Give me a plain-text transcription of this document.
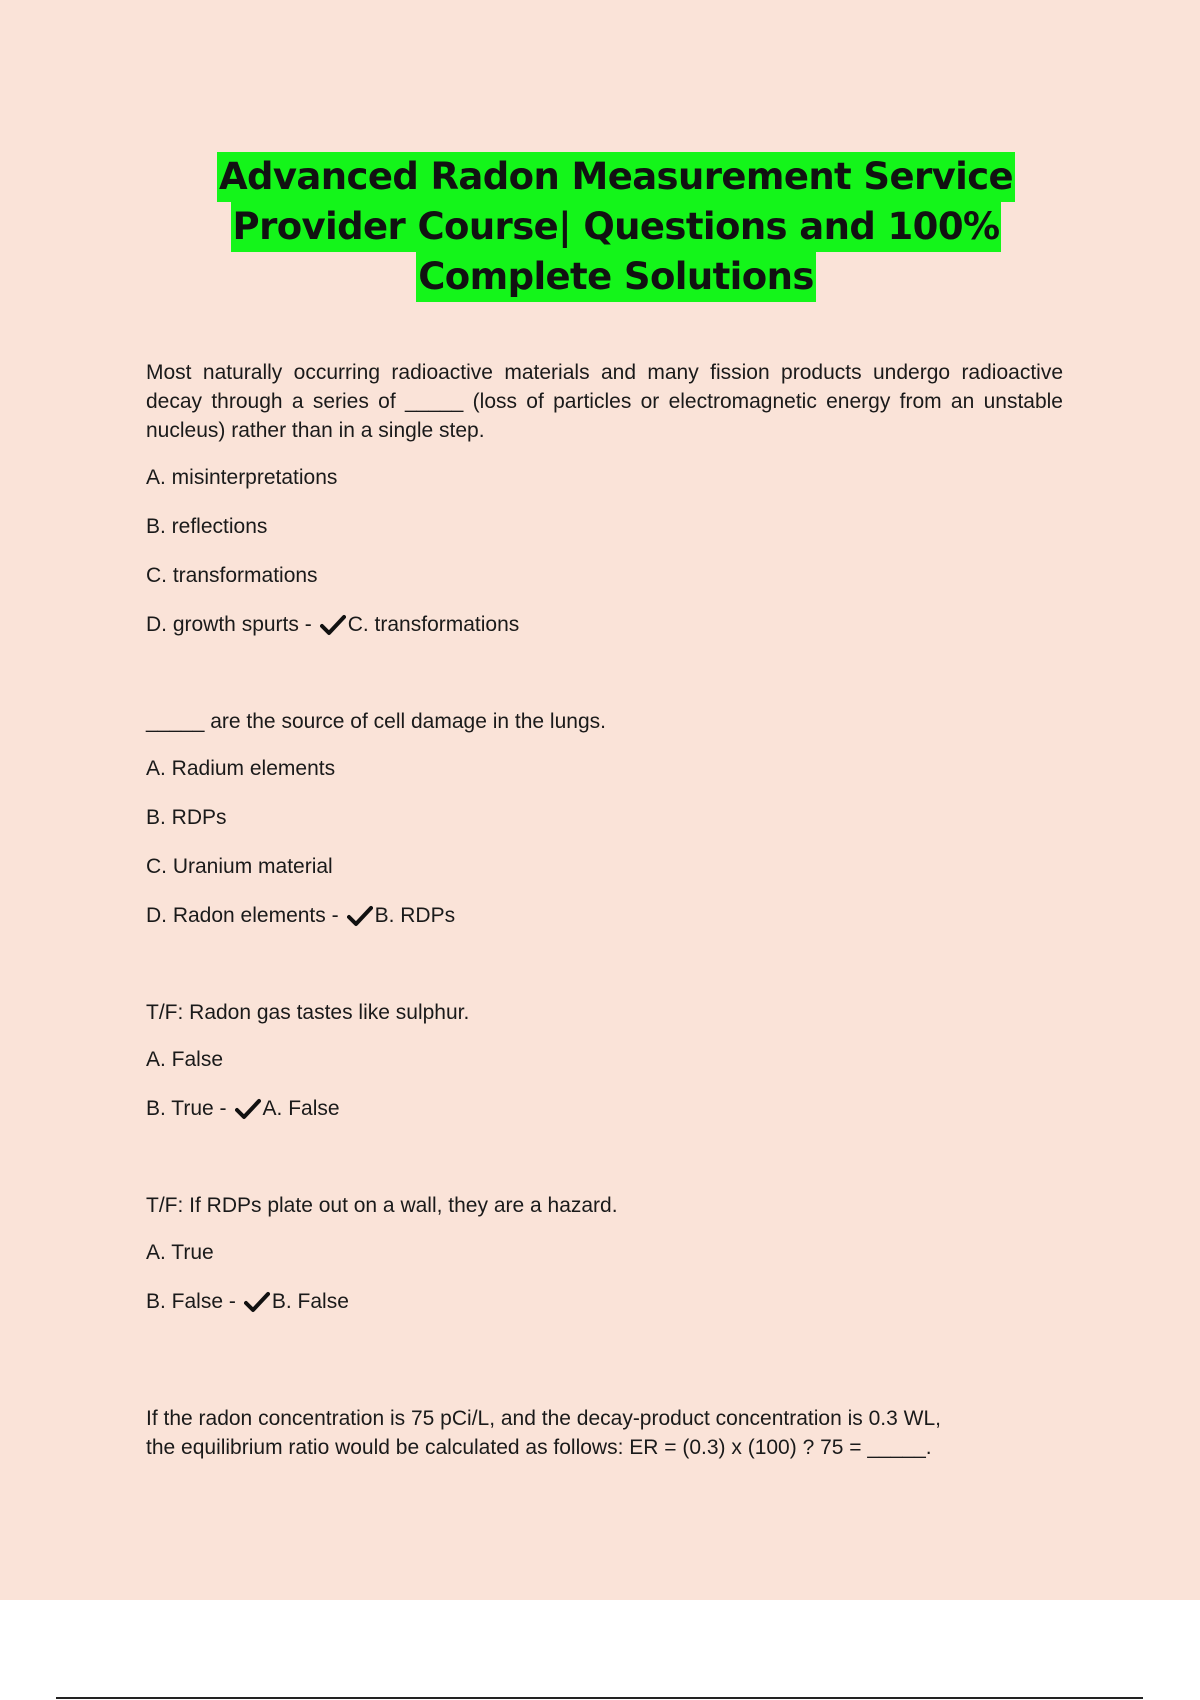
Advanced Radon Measurement Service
Provider Course| Questions and 100%
Complete Solutions

Most naturally occurring radioactive materials and many fission products undergo radioactive decay through a series of _____ (loss of particles or electromagnetic energy from an unstable nucleus) rather than in a single step.

A. misinterpretations
B. reflections
C. transformations
D. growth spurts - C. transformations

_____ are the source of cell damage in the lungs.

A. Radium elements
B. RDPs
C. Uranium material
D. Radon elements - B. RDPs

T/F: Radon gas tastes like sulphur.

A. False
B. True - A. False

T/F: If RDPs plate out on a wall, they are a hazard.

A. True
B. False - B. False

If the radon concentration is 75 pCi/L, and the decay-product concentration is 0.3 WL,
the equilibrium ratio would be calculated as follows: ER = (0.3) x (100) ? 75 = _____.
